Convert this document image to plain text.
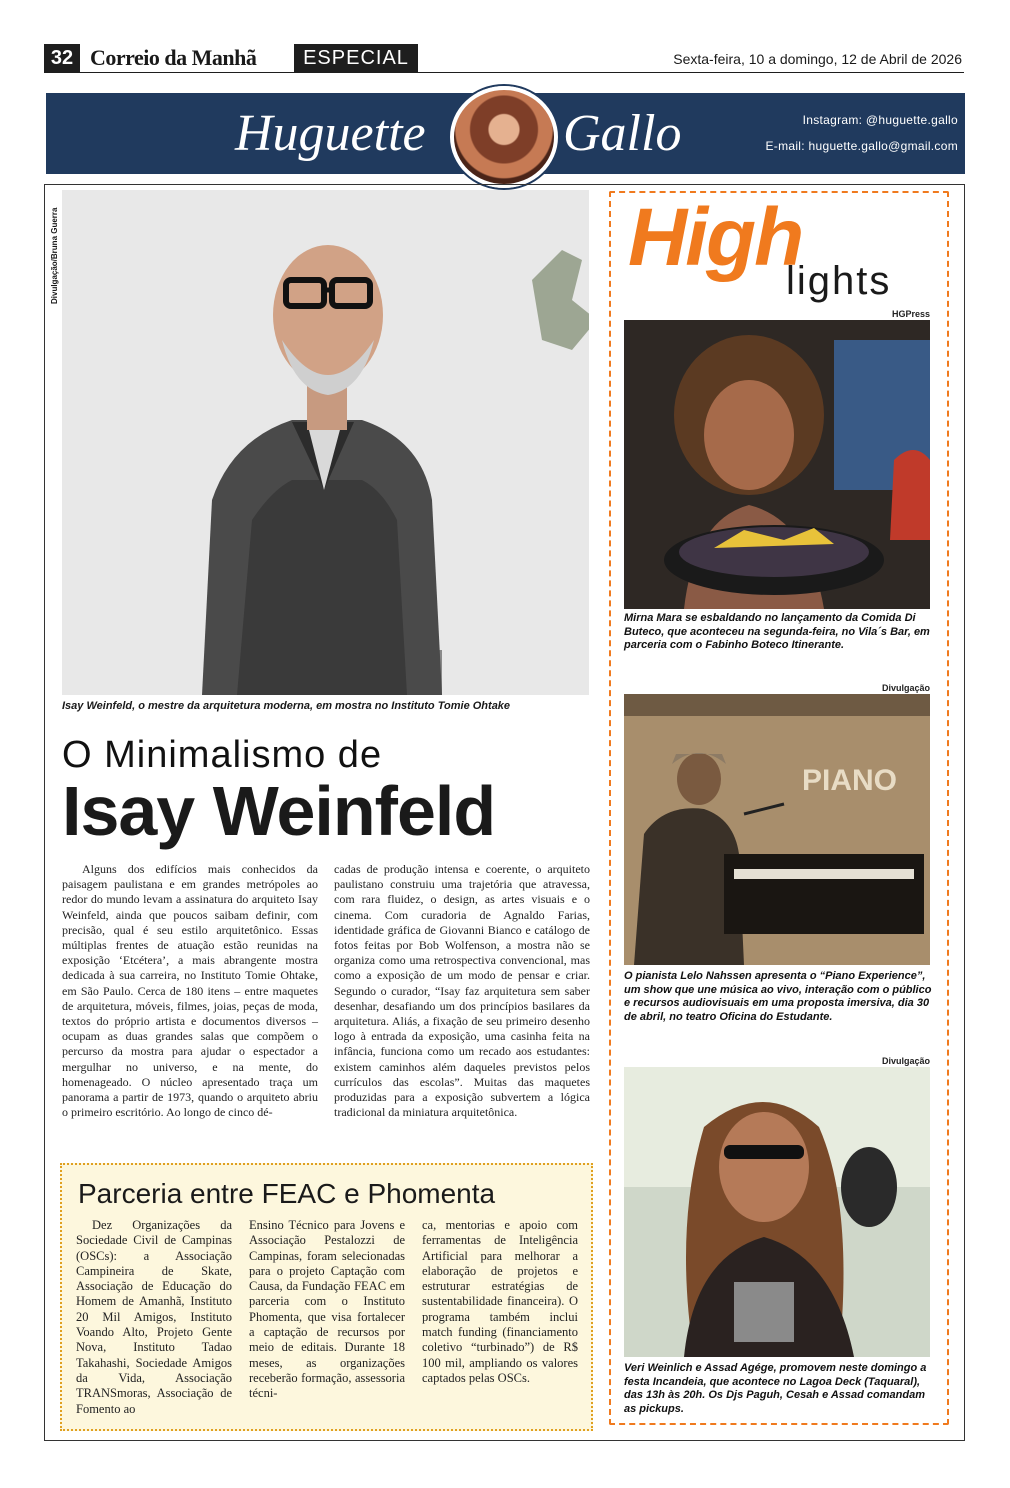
32 Correio da Manhã	ESPECIAL	Sexta-feira, 10 a domingo, 12 de Abril de 2026
Huguette	Gallo	Instagram: @huguette.gallo
E-mail: huguette.gallo@gmail.com
Divulgação/Bruna Guerra
Isay Weinfeld, o mestre da arquitetura moderna, em mostra no Instituto Tomie Ohtake
O Minimalismo de
Isay Weinfeld
Alguns dos edifícios mais conhecidos da paisagem paulistana e em grandes metrópoles ao redor do mundo levam a assinatura do arquiteto Isay Weinfeld, ainda que poucos saibam definir, com precisão, qual é seu estilo arquitetônico. Essas múltiplas frentes de atuação estão reunidas na exposição ‘Etcétera’, a mais abrangente mostra dedicada à sua carreira, no Instituto Tomie Ohtake, em São Paulo. Cerca de 180 itens – entre maquetes de arquitetura, móveis, filmes, joias, peças de moda, textos do próprio artista e documentos diversos – ocupam as duas grandes salas que compõem o percurso da mostra para ajudar o espectador a mergulhar no universo, e na mente, do homenageado. O núcleo apresentado traça um panorama a partir de 1973, quando o arquiteto abriu o primeiro escritório. Ao longo de cinco dé-
cadas de produção intensa e coerente, o arquiteto paulistano construiu uma trajetória que atravessa, com rara fluidez, o design, as artes visuais e o cinema. Com curadoria de Agnaldo Farias, identidade gráfica de Giovanni Bianco e catálogo de fotos feitas por Bob Wolfenson, a mostra não se organiza como uma retrospectiva convencional, mas como a exposição de um modo de pensar e criar. Segundo o curador, “Isay faz arquitetura sem saber desenhar, desafiando um dos princípios basilares da arquitetura. Aliás, a fixação de seu primeiro desenho logo à entrada da exposição, uma casinha feita na infância, funciona como um recado aos estudantes: existem caminhos além daqueles previstos pelos currículos das escolas”. Muitas das maquetes produzidas para a exposição subvertem a lógica tradicional da miniatura arquitetônica.
Parceria entre FEAC e Phomenta
Dez Organizações da Sociedade Civil de Campinas (OSCs): a Associação Campineira de Skate, Associação de Educação do Homem de Amanhã, Instituto 20 Mil Amigos, Instituto Voando Alto, Projeto Gente Nova, Instituto Tadao Takahashi, Sociedade Amigos da Vida, Associação TRANSmoras, Associação de Fomento ao
Ensino Técnico para Jovens e Associação Pestalozzi de Campinas, foram selecionadas para o projeto Captação com Causa, da Fundação FEAC em parceria com o Instituto Phomenta, que visa fortalecer a captação de recursos por meio de editais. Durante 18 meses, as organizações receberão formação, assessoria técni-
ca, mentorias e apoio com ferramentas de Inteligência Artificial para melhorar a elaboração de projetos e estruturar estratégias de sustentabilidade financeira). O programa também inclui match funding (financiamento coletivo “turbinado”) de R$ 100 mil, ampliando os valores captados pelas OSCs.
High
lights
HGPress
Mirna Mara se esbaldando no lançamento da Comida Di Buteco, que aconteceu na segunda-feira, no Vila´s Bar, em parceria com o Fabinho Boteco Itinerante.
Divulgação
PIANO
O pianista Lelo Nahssen apresenta o “Piano Experience”, um show que une música ao vivo, interação com o público e recursos audiovisuais em uma proposta imersiva, dia 30 de abril, no teatro Oficina do Estudante.
Divulgação
Veri Weinlich e Assad Agége, promovem neste domingo a festa Incandeia, que acontece no Lagoa Deck (Taquaral), das 13h às 20h. Os Djs Paguh, Cesah e Assad comandam as pickups.
